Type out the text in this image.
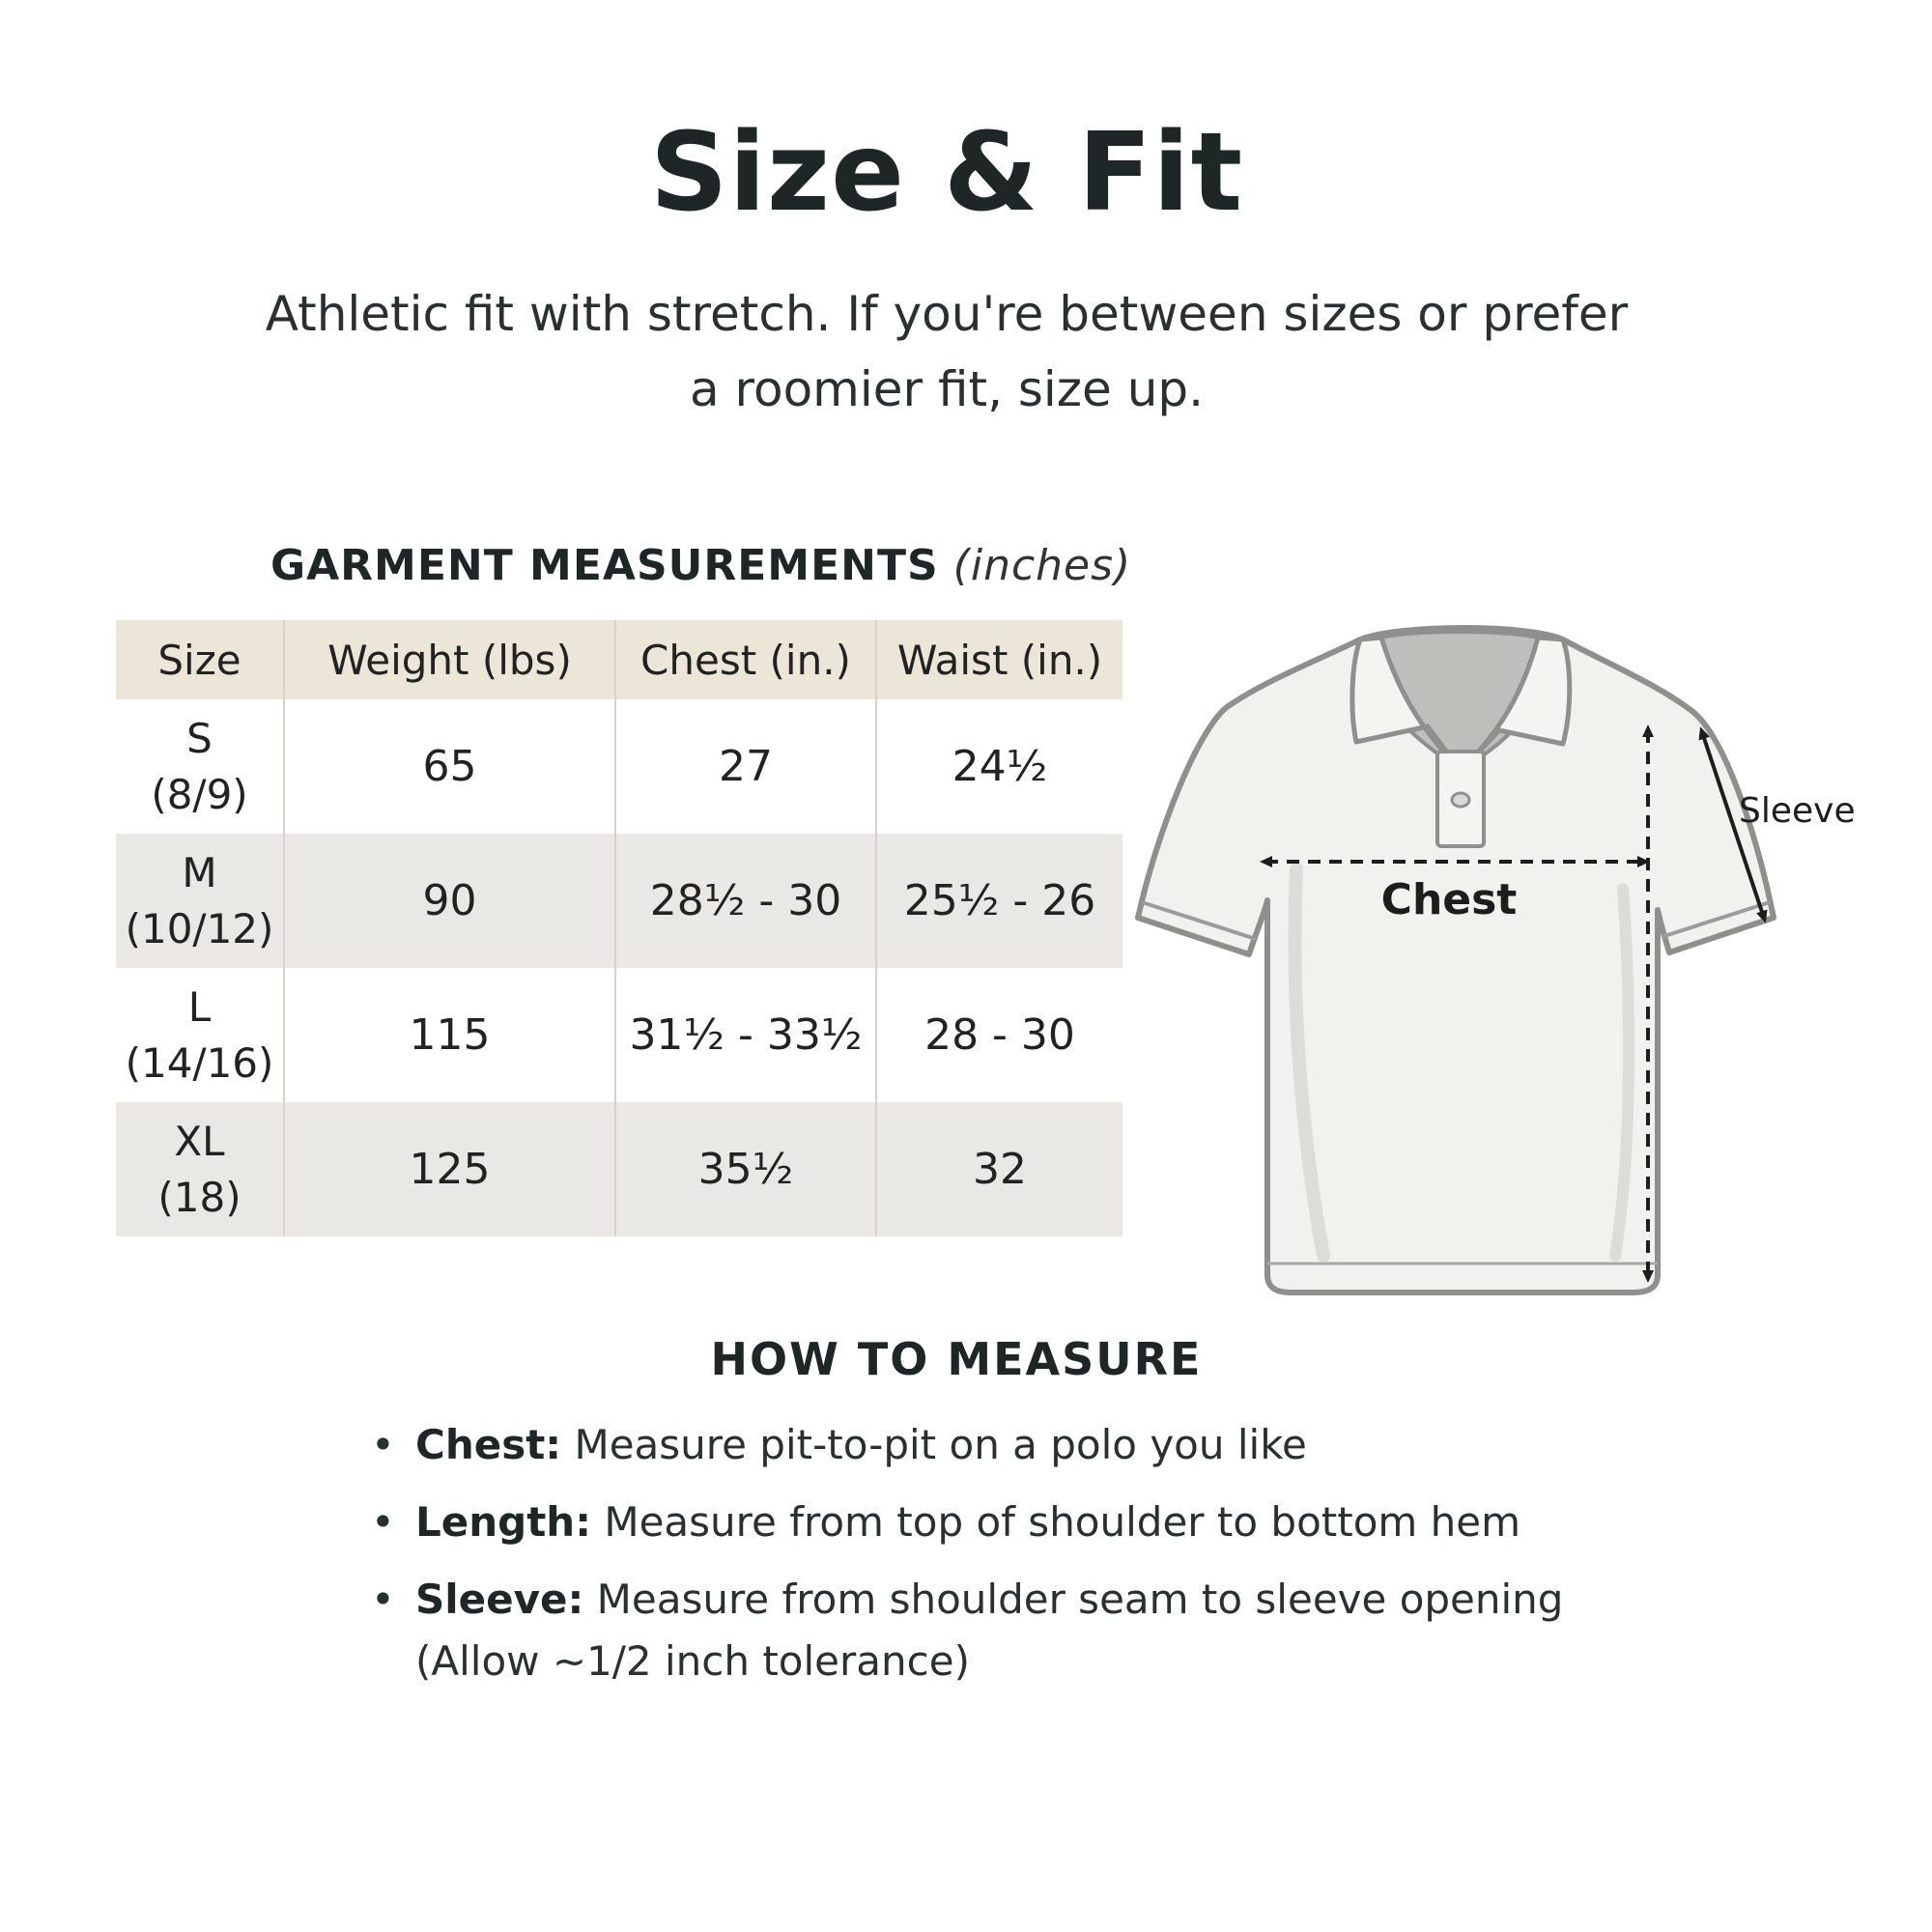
Size & Fit

Athletic fit with stretch. If you're between sizes or prefer a roomier fit, size up.

GARMENT MEASUREMENTS (inches)
Size	Weight (lbs)	Chest (in.)	Waist (in.)

S
(8/9)	65	27	24½

M
(10/12)	90	28½ - 30	25½ - 26

L
(14/16)	115	31½ - 33½	28 - 30

XL
(18)	125	35½	32
Chest
Sleeve
HOW TO MEASURE
• Chest: Measure pit-to-pit on a polo you like
• Length: Measure from top of shoulder to bottom hem
• Sleeve: Measure from shoulder seam to sleeve opening
(Allow ~1/2 inch tolerance)
